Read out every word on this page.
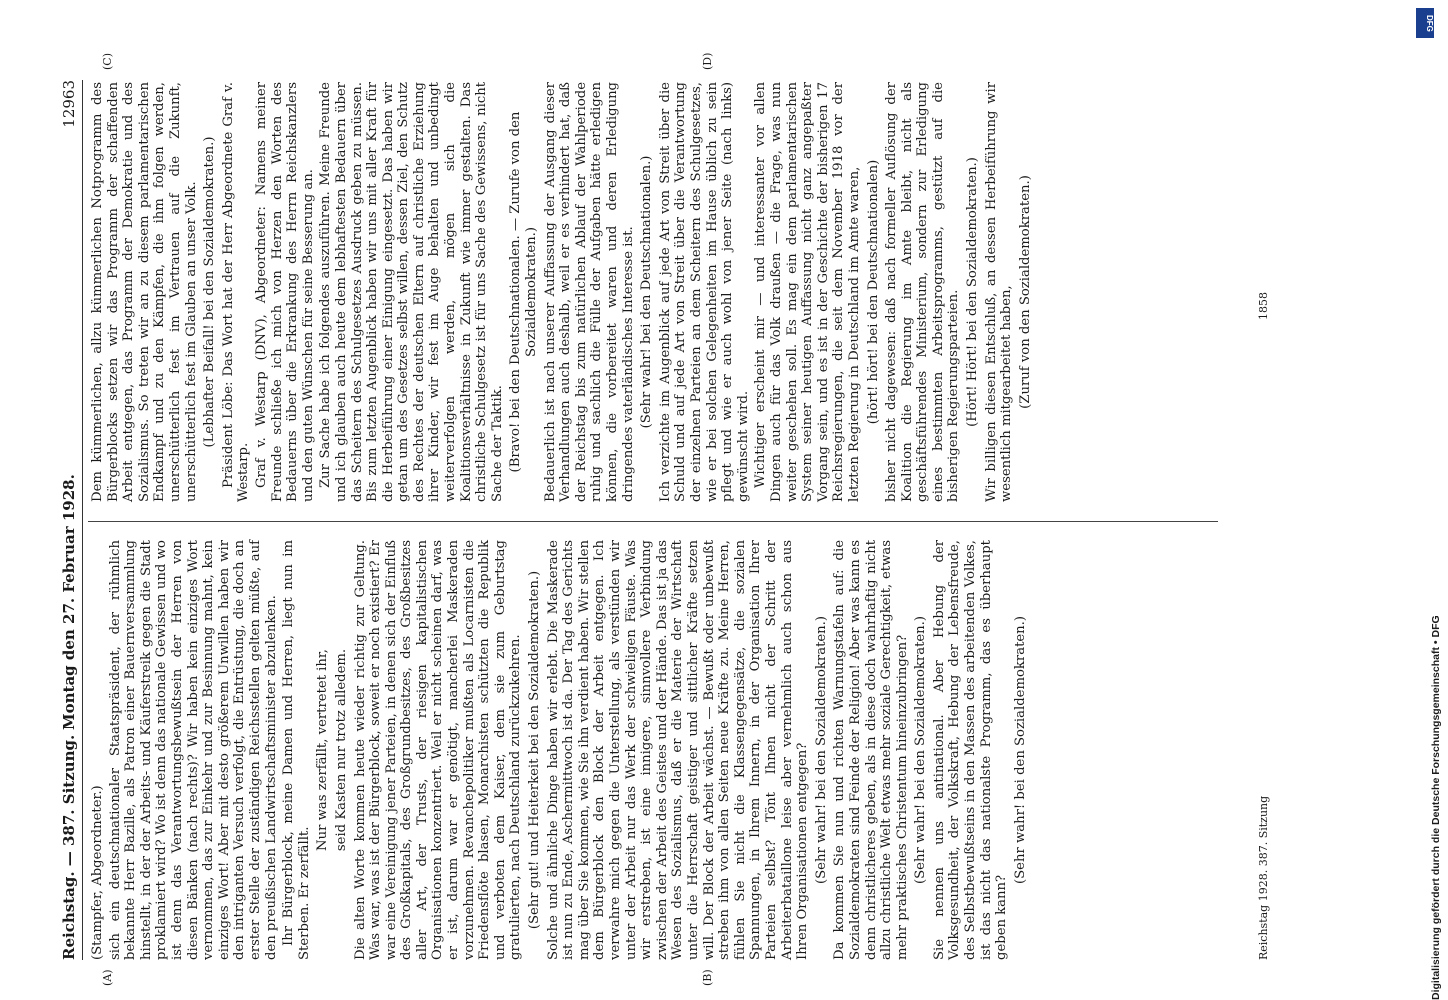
Reichstag. — 387. Sitzung.
Montag den 27. Februar 1928.
12963
(A)	(B)
(C)	(D)

(Stampfer, Abgeordneter.) sich ein deutschnationaler Staatspräsident, der rühmlich bekannte Herr Bazille, als Patron einer Bauernversammlung hinstellt, in der der Arbeits- und Käuferstreik gegen die Stadt proklamiert wird? Wo ist denn das nationale Gewissen und wo ist denn das Verantwortungsbewußtsein der Herren von diesen Bänken (nach rechts)? Wir haben kein einziges Wort vernommen, das zur Einkehr und zur Besinnung mahnt, kein einziges Wort! Aber mit desto größerem Unwillen haben wir den intriganten Versuch verfolgt, die Entrüstung, die doch an erster Stelle der zuständigen Reichsstellen gelten müßte, auf den preußischen Landwirtschaftsminister abzulenken. Ihr Bürgerblock, meine Damen und Herren, liegt nun im Sterben. Er zerfällt.

Nur was zerfällt, vertretet ihr, seid Kasten nur trotz alledem. Die alten Worte kommen heute wieder richtig zur Geltung. Was war, was ist der Bürgerblock, soweit er noch existiert? Er war eine Vereinigung jener Parteien, in denen sich der Einfluß des Großkapitals, des Großgrundbesitzes, des Großbesitzes aller Art, der Trusts, der riesigen kapitalistischen Organisationen konzentriert. Weil er nicht scheinen darf, was er ist, darum war er genötigt, mancherlei Maskeraden vorzunehmen. Revanchepolitiker mußten als Locarnisten die Friedensflöte blasen, Monarchisten schützten die Republik und verboten dem Kaiser, dem sie zum Geburtstag gratulierten, nach Deutschland zurückzukehren. (Sehr gut! und Heiterkeit bei den Sozialdemokraten.) Solche und ähnliche Dinge haben wir erlebt. Die Maskerade ist nun zu Ende, Aschermittwoch ist da. Der Tag des Gerichts mag über Sie kommen, wie Sie ihn verdient haben. Wir stellen dem Bürgerblock den Block der Arbeit entgegen. Ich verwahre mich gegen die Unterstellung, als verstünden wir unter der Arbeit nur das Werk der schwieligen Fäuste. Was wir erstreben, ist eine innigere, sinnvollere Verbindung zwischen der Arbeit des Geistes und der Hände. Das ist ja das Wesen des Sozialismus, daß er die Materie der Wirtschaft unter die Herrschaft geistiger und sittlicher Kräfte setzen will. Der Block der Arbeit wächst. — Bewußt oder unbewußt streben ihm von allen Seiten neue Kräfte zu. Meine Herren, fühlen Sie nicht die Klassengegensätze, die sozialen Spannungen, in Ihrem Innern, in der Organisation Ihrer Parteien selbst? Tönt Ihnen nicht der Schritt der Arbeiterbataillone leise aber vernehmlich auch schon aus Ihren Organisationen entgegen? (Sehr wahr! bei den Sozialdemokraten.) Da kommen Sie nun und richten Warnungstafeln auf: die Sozialdemokraten sind Feinde der Religion! Aber was kann es denn christlicheres geben, als in diese doch wahrhaftig nicht allzu christliche Welt etwas mehr soziale Gerechtigkeit, etwas mehr praktisches Christentum hineinzubringen? (Sehr wahr! bei den Sozialdemokraten.) Sie nennen uns antinational. Aber Hebung der Volksgesundheit, der Volkskraft, Hebung der Lebensfreude, des Selbstbewußtseins in den Massen des arbeitenden Volkes, ist das nicht das nationalste Programm, das es überhaupt geben kann?

(Sehr wahr! bei den Sozialdemokraten.)

Dem kümmerlichen, allzu kümmerlichen Notprogramm des Bürgerblocks setzen wir das Programm der schaffenden Arbeit entgegen, das Programm der Demokratie und des Sozialismus. So treten wir an zu diesem parlamentarischen Endkampf und zu den Kämpfen, die ihm folgen werden, unerschütterlich fest im Vertrauen auf die Zukunft, unerschütterlich fest im Glauben an unser Volk. (Lebhafter Beifall! bei den Sozialdemokraten.) Präsident Löbe: Das Wort hat der Herr Abgeordnete Graf v. Westarp. Graf v. Westarp (DNV), Abgeordneter: Namens meiner Freunde schließe ich mich von Herzen den Worten des Bedauerns über die Erkrankung des Herrn Reichskanzlers und den guten Wünschen für seine Besserung an. Zur Sache habe ich folgendes auszuführen. Meine Freunde und ich glauben auch heute dem lebhaftesten Bedauern über das Scheitern des Schulgesetzes Ausdruck geben zu müssen. Bis zum letzten Augenblick haben wir uns mit aller Kraft für die Herbeiführung einer Einigung eingesetzt. Das haben wir getan um des Gesetzes selbst willen, dessen Ziel, den Schutz des Rechtes der deutschen Eltern auf christliche Erziehung ihrer Kinder, wir fest im Auge behalten und unbedingt weiterverfolgen werden, mögen sich die Koalitionsverhältnisse in Zukunft wie immer gestalten. Das christliche Schulgesetz ist für uns Sache des Gewissens, nicht Sache der Taktik. (Bravo! bei den Deutschnationalen. — Zurufe von den Sozialdemokraten.) Bedauerlich ist nach unserer Auffassung der Ausgang dieser Verhandlungen auch deshalb, weil er es verhindert hat, daß der Reichstag bis zum natürlichen Ablauf der Wahlperiode ruhig und sachlich die Fülle der Aufgaben hätte erledigen können, die vorbereitet waren und deren Erledigung dringendes vaterländisches Interesse ist. (Sehr wahr! bei den Deutschnationalen.) Ich verzichte im Augenblick auf jede Art von Streit über die Schuld und auf jede Art von Streit über die Verantwortung der einzelnen Parteien an dem Scheitern des Schulgesetzes, wie er bei solchen Gelegenheiten im Hause üblich zu sein pflegt und wie er auch wohl von jener Seite (nach links) gewünscht wird. Wichtiger erscheint mir — und interessanter vor allen Dingen auch für das Volk draußen — die Frage, was nun weiter geschehen soll. Es mag ein dem parlamentarischen System seiner heutigen Auffassung nicht ganz angepaßter Vorgang sein, und es ist in der Geschichte der bisherigen 17 Reichsregierungen, die seit dem November 1918 vor der letzten Regierung in Deutschland im Amte waren, (hört! hört! bei den Deutschnationalen) bisher nicht dagewesen: daß nach formeller Auflösung der Koalition die Regierung im Amte bleibt, nicht als geschäftsführendes Ministerium, sondern zur Erledigung eines bestimmten Arbeitsprogramms, gestützt auf die bisherigen Regierungsparteien. (Hört! Hört! bei den Sozialdemokraten.) Wir billigen diesen Entschluß, an dessen Herbeiführung wir wesentlich mitgearbeitet haben, (Zuruf von den Sozialdemokraten.)

Reichstag 1928. 387. Sitzung
1858
Digitalisierung gefördert durch die Deutsche Forschungsgemeinschaft • DFG
DFG
